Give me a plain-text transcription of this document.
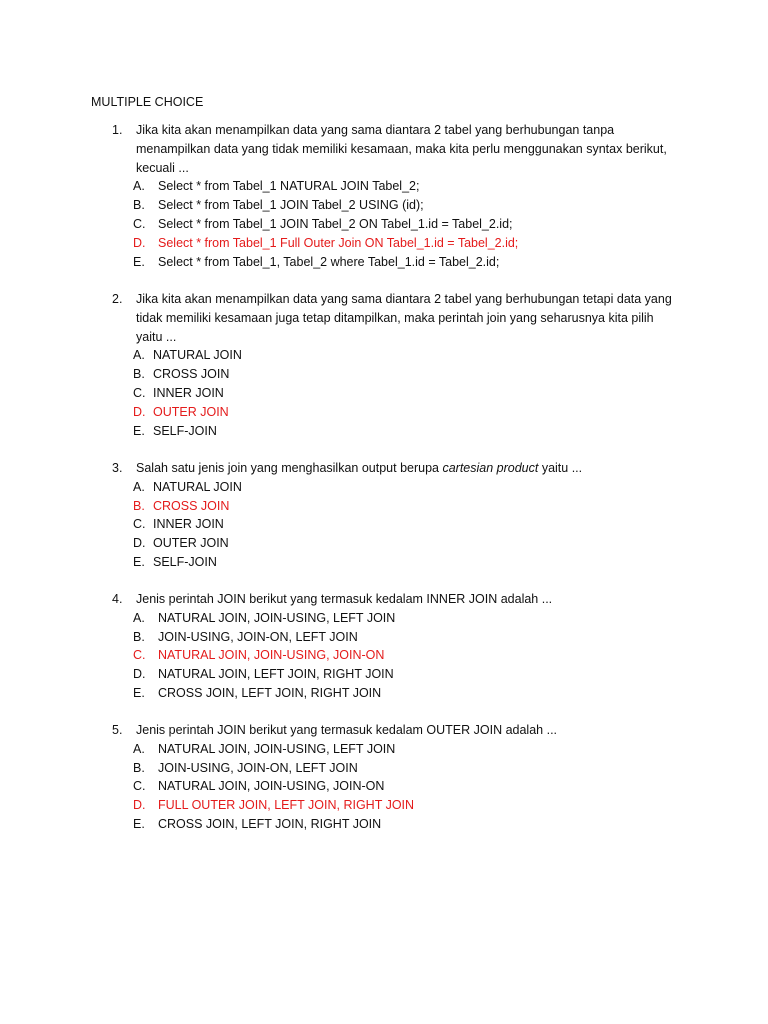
MULTIPLE CHOICE
1.	Jika kita akan menampilkan data yang sama diantara 2 tabel yang berhubungan tanpa
menampilkan data yang tidak memiliki kesamaan, maka kita perlu menggunakan syntax berikut,
kecuali ...
A.	Select * from Tabel_1 NATURAL JOIN Tabel_2;
B.	Select * from Tabel_1 JOIN Tabel_2 USING (id);
C.	Select * from Tabel_1 JOIN Tabel_2 ON Tabel_1.id = Tabel_2.id;
D.	Select * from Tabel_1 Full Outer Join ON Tabel_1.id = Tabel_2.id;
E.	Select * from Tabel_1, Tabel_2 where Tabel_1.id = Tabel_2.id;
2.	Jika kita akan menampilkan data yang sama diantara 2 tabel yang berhubungan tetapi data yang
tidak memiliki kesamaan juga tetap ditampilkan, maka perintah join yang seharusnya kita pilih
yaitu ...
A. NATURAL JOIN
B. CROSS JOIN
C. INNER JOIN
D. OUTER JOIN
E. SELF-JOIN
3.	Salah satu jenis join yang menghasilkan output berupa cartesian product yaitu ...
A. NATURAL JOIN
B. CROSS JOIN
C. INNER JOIN
D. OUTER JOIN
E. SELF-JOIN
4.	Jenis perintah JOIN berikut yang termasuk kedalam INNER JOIN adalah ...
A.	NATURAL JOIN, JOIN-USING, LEFT JOIN
B.	JOIN-USING, JOIN-ON, LEFT JOIN
C.	NATURAL JOIN, JOIN-USING, JOIN-ON
D.	NATURAL JOIN, LEFT JOIN, RIGHT JOIN
E.	CROSS JOIN, LEFT JOIN, RIGHT JOIN
5.	Jenis perintah JOIN berikut yang termasuk kedalam OUTER JOIN adalah ...
A.	NATURAL JOIN, JOIN-USING, LEFT JOIN
B.	JOIN-USING, JOIN-ON, LEFT JOIN
C.	NATURAL JOIN, JOIN-USING, JOIN-ON
D.	FULL OUTER JOIN, LEFT JOIN, RIGHT JOIN
E.	CROSS JOIN, LEFT JOIN, RIGHT JOIN
